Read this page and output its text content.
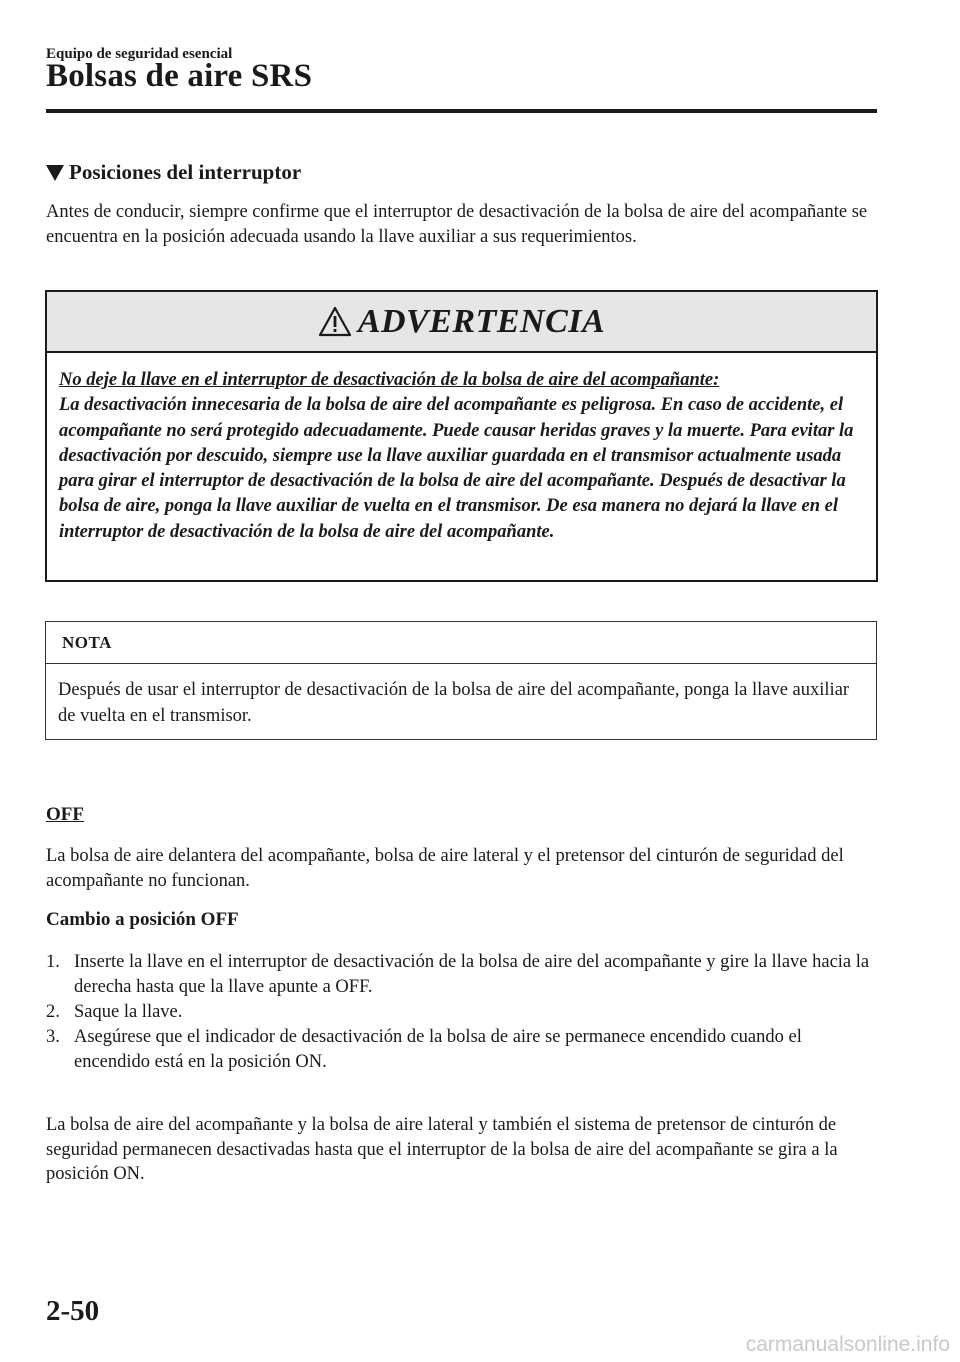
Equipo de seguridad esencial
Bolsas de aire SRS
Posiciones del interruptor
Antes de conducir, siempre confirme que el interruptor de desactivación de la bolsa de aire del acompañante se encuentra en la posición adecuada usando la llave auxiliar a sus requerimientos.
ADVERTENCIA
No deje la llave en el interruptor de desactivación de la bolsa de aire del acompañante:
La desactivación innecesaria de la bolsa de aire del acompañante es peligrosa. En caso de accidente, el acompañante no será protegido adecuadamente. Puede causar heridas graves y la muerte. Para evitar la desactivación por descuido, siempre use la llave auxiliar guardada en el transmisor actualmente usada para girar el interruptor de desactivación de la bolsa de aire del acompañante. Después de desactivar la bolsa de aire, ponga la llave auxiliar de vuelta en el transmisor. De esa manera no dejará la llave en el interruptor de desactivación de la bolsa de aire del acompañante.
NOTA
Después de usar el interruptor de desactivación de la bolsa de aire del acompañante, ponga la llave auxiliar de vuelta en el transmisor.
OFF
La bolsa de aire delantera del acompañante, bolsa de aire lateral y el pretensor del cinturón de seguridad del acompañante no funcionan.
Cambio a posición OFF
1. Inserte la llave en el interruptor de desactivación de la bolsa de aire del acompañante y gire la llave hacia la derecha hasta que la llave apunte a OFF.
2. Saque la llave.
3. Asegúrese que el indicador de desactivación de la bolsa de aire se permanece encendido cuando el encendido está en la posición ON.
La bolsa de aire del acompañante y la bolsa de aire lateral y también el sistema de pretensor de cinturón de seguridad permanecen desactivadas hasta que el interruptor de la bolsa de aire del acompañante se gira a la posición ON.
2-50
carmanualsonline.info
